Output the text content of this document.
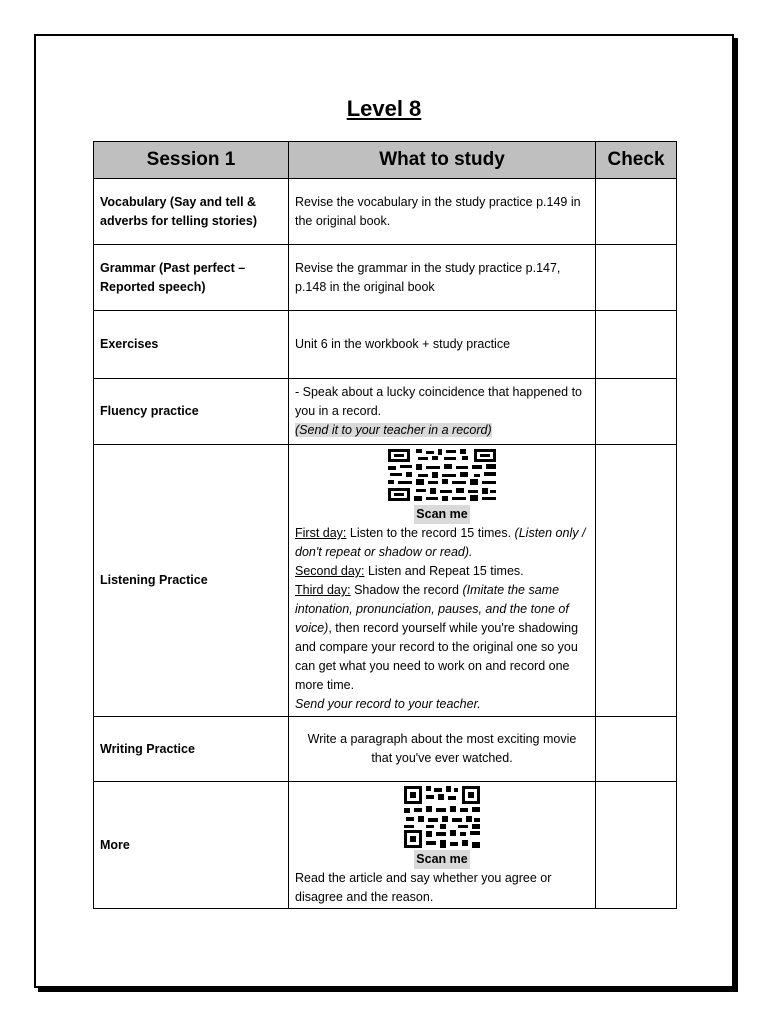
Level 8
Session 1	What to study	Check
Vocabulary (Say and tell & adverbs for telling stories)	Revise the vocabulary in the study practice p.149 in the original book.	
Grammar (Past perfect – Reported speech)	Revise the grammar in the study practice p.147, p.148 in the original book	
Exercises	Unit 6 in the workbook + study practice	
Fluency practice	- Speak about a lucky coincidence that happened to you in a record.
(Send it to your teacher in a record)	

Listening Practice	Scan me
First day: Listen to the record 15 times. (Listen only / don't repeat or shadow or read).
Second day: Listen and Repeat 15 times.
Third day: Shadow the record (Imitate the same intonation, pronunciation, pauses, and the tone of voice), then record yourself while you're shadowing and compare your record to the original one so you can get what you need to work on and record one more time.
Send your record to your teacher.	

Writing Practice	Write a paragraph about the most exciting movie that you've ever watched.	
More	Scan me
Read the article and say whether you agree or disagree and the reason.	
